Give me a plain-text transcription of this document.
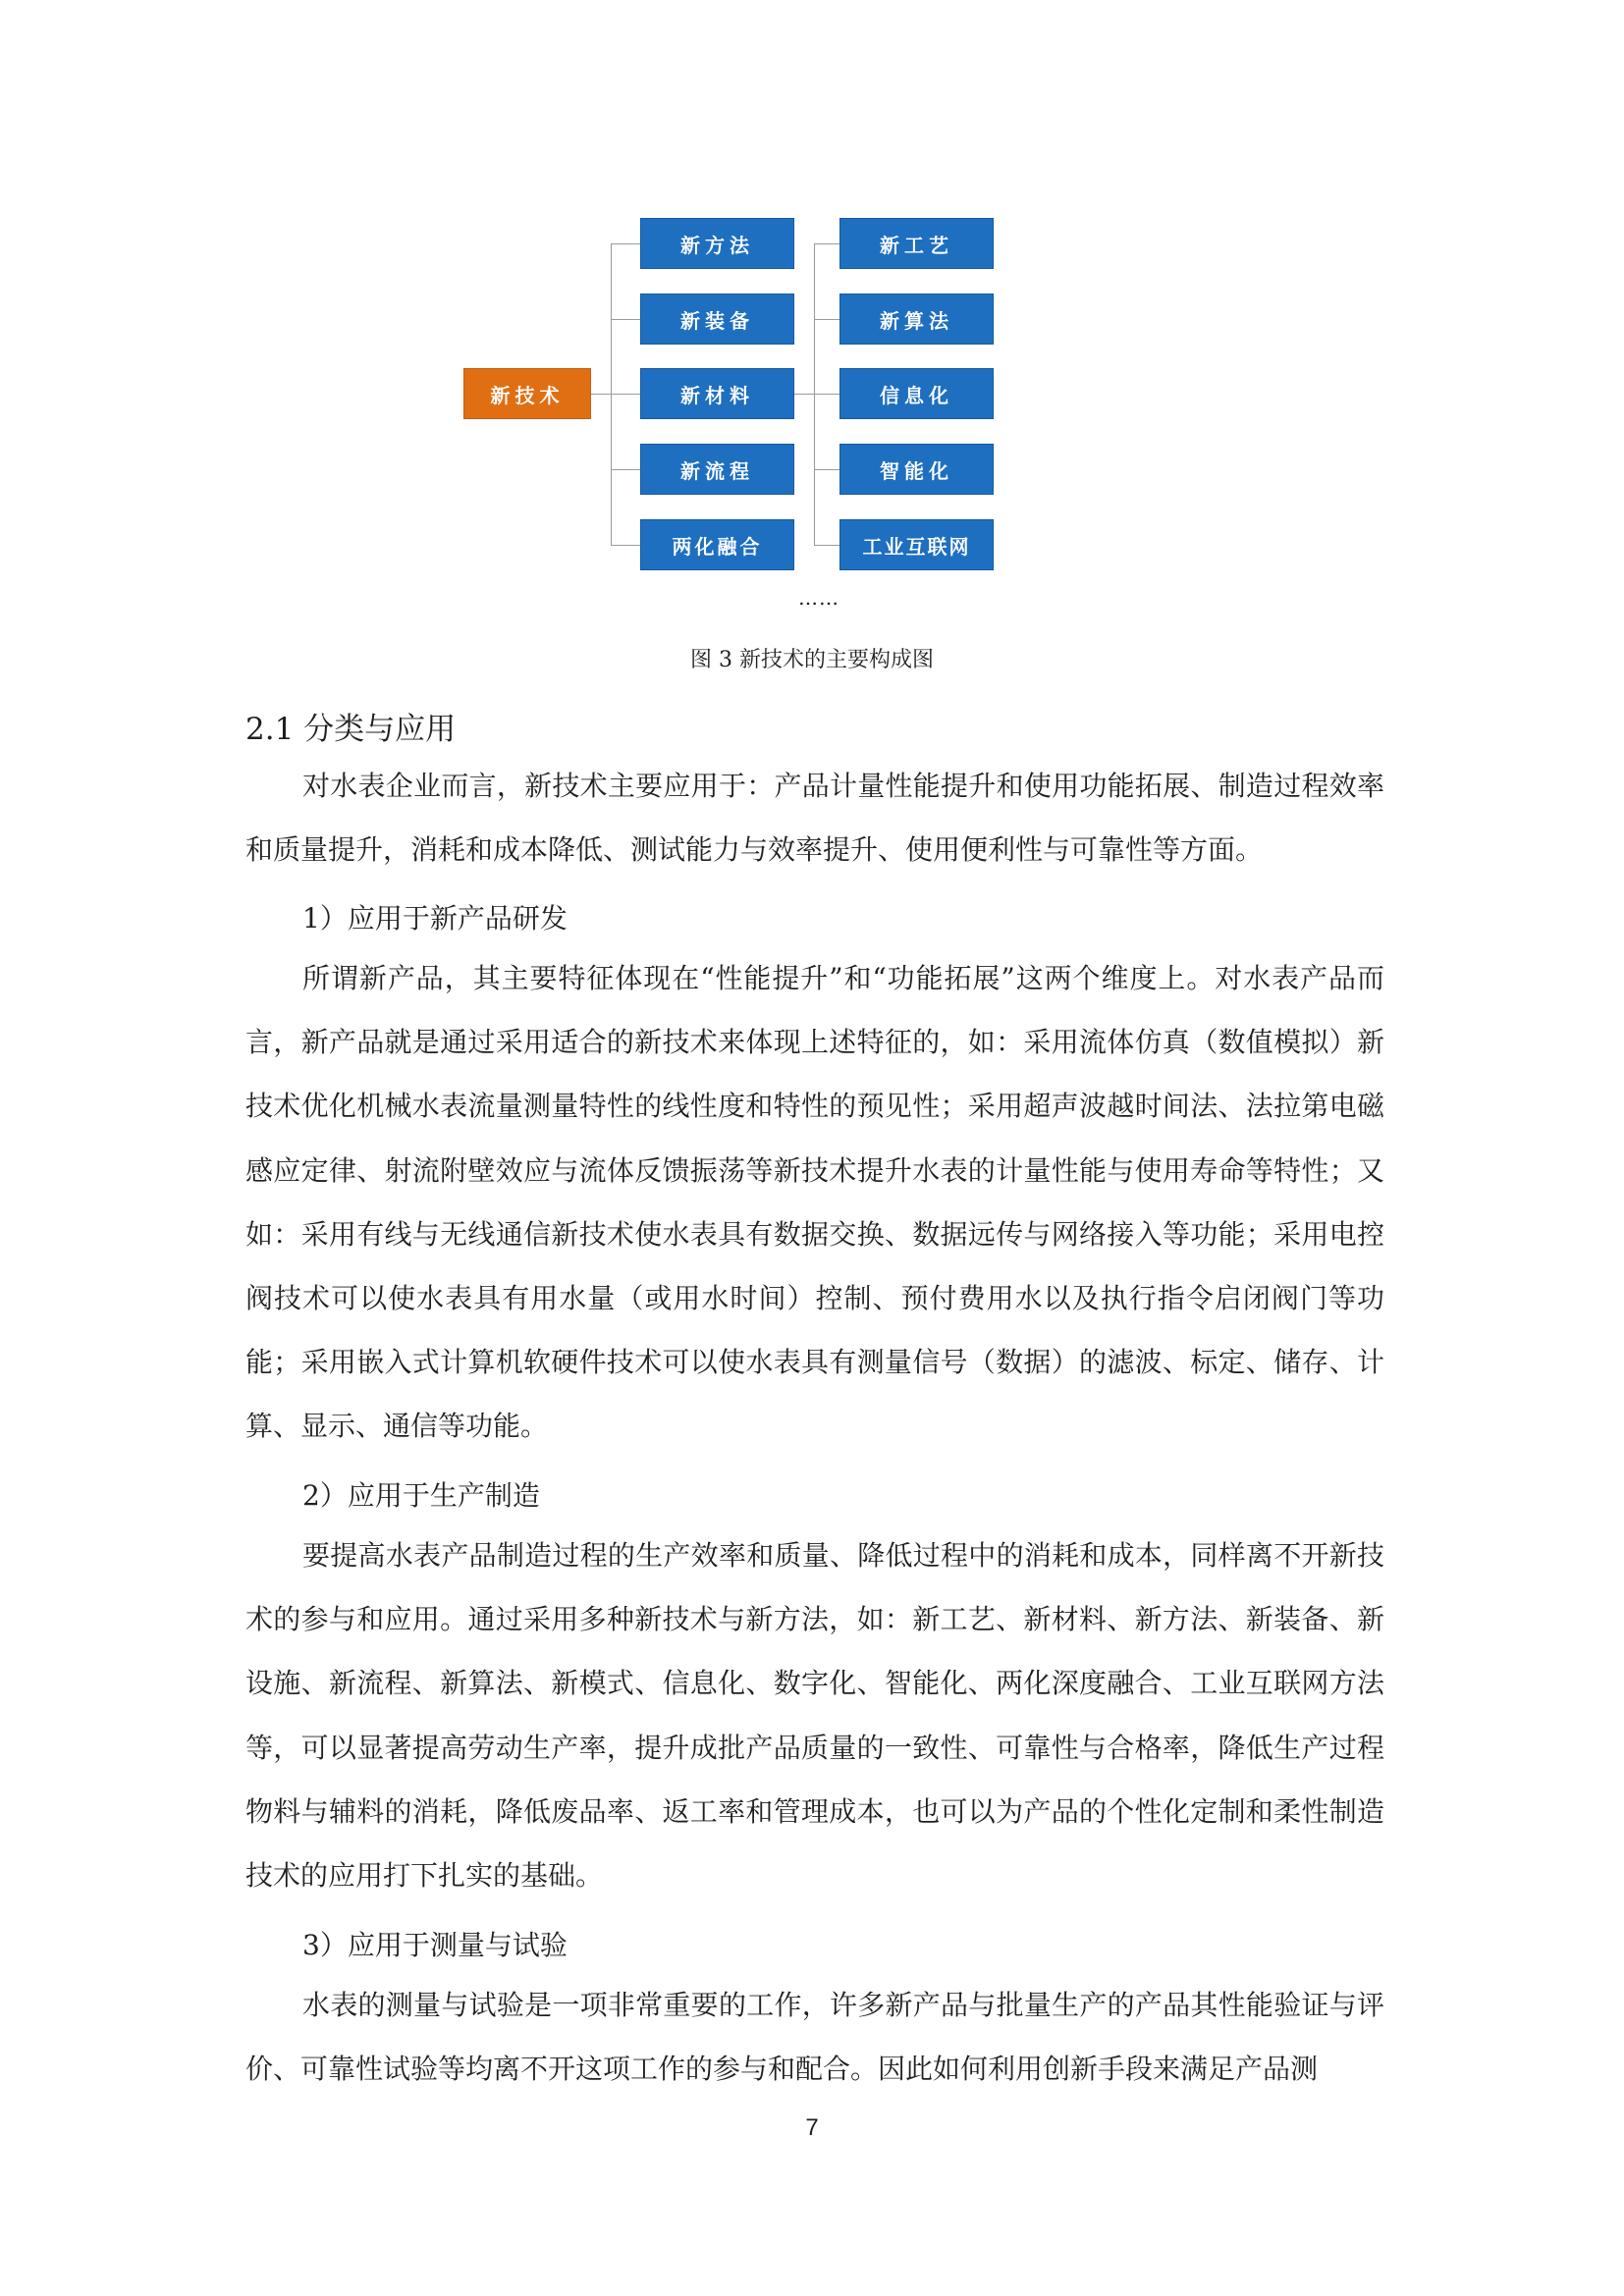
新技术
新方法
新装备
新材料
新流程
两化融合
新工艺
新算法
信息化
智能化
工业互联网
……
图 3 新技术的主要构成图
2.1 分类与应用

对水表企业而言，新技术主要应用于：产品计量性能提升和使用功能拓展、制造过程效率和质量提升，消耗和成本降低、测试能力与效率提升、使用便利性与可靠性等方面。

1）应用于新产品研发

所谓新产品，其主要特征体现在“性能提升”和“功能拓展”这两个维度上。对水表产品而言，新产品就是通过采用适合的新技术来体现上述特征的，如：采用流体仿真（数值模拟）新技术优化机械水表流量测量特性的线性度和特性的预见性；采用超声波越时间法、法拉第电磁感应定律、射流附壁效应与流体反馈振荡等新技术提升水表的计量性能与使用寿命等特性；又如：采用有线与无线通信新技术使水表具有数据交换、数据远传与网络接入等功能；采用电控阀技术可以使水表具有用水量（或用水时间）控制、预付费用水以及执行指令启闭阀门等功能；采用嵌入式计算机软硬件技术可以使水表具有测量信号（数据）的滤波、标定、储存、计算、显示、通信等功能。

2）应用于生产制造

要提高水表产品制造过程的生产效率和质量、降低过程中的消耗和成本，同样离不开新技术的参与和应用。通过采用多种新技术与新方法，如：新工艺、新材料、新方法、新装备、新设施、新流程、新算法、新模式、信息化、数字化、智能化、两化深度融合、工业互联网方法等，可以显著提高劳动生产率，提升成批产品质量的一致性、可靠性与合格率，降低生产过程物料与辅料的消耗，降低废品率、返工率和管理成本，也可以为产品的个性化定制和柔性制造技术的应用打下扎实的基础。

3）应用于测量与试验

水表的测量与试验是一项非常重要的工作，许多新产品与批量生产的产品其性能验证与评价、可靠性试验等均离不开这项工作的参与和配合。因此如何利用创新手段来满足产品测

7
